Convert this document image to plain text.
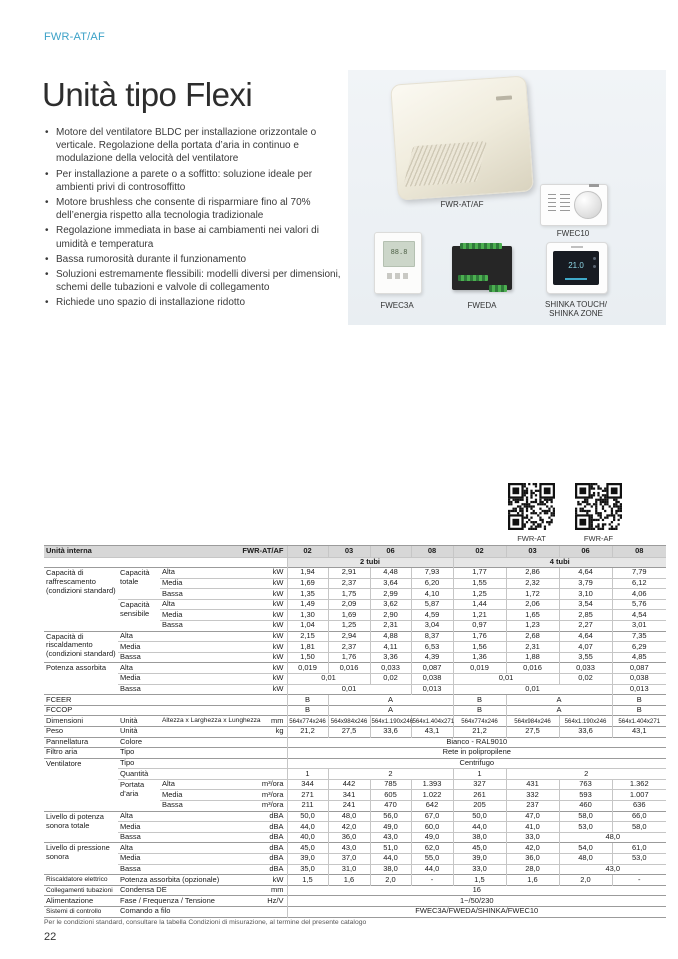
FWR-AT/AF
Unità tipo Flexi
• Motore del ventilatore BLDC per installazione orizzontale o verticale. Regolazione della portata d’aria in continuo e modulazione della velocità del ventilatore
• Per installazione a parete o a soffitto: soluzione ideale per ambienti privi di controsoffitto
• Motore brushless che consente di risparmiare fino al 70% dell’energia rispetto alla tecnologia tradizionale
• Regolazione immediata in base ai cambiamenti nei valori di umidità e temperatura
• Bassa rumorosità durante il funzionamento
• Soluzioni estremamente flessibili: modelli diversi per dimensioni, schemi delle tubazioni e valvole di collegamento
• Richiede uno spazio di installazione ridotto
FWR-AT/AF
FWEC10
88.8
FWEC3A	FWEDA
21.0
SHINKA TOUCH/
SHINKA ZONE
FWR-AT	FWR-AF
Unità interna		FWR-AT/AF		02	03	06	08	02	03	06	08
				2 tubi				4 tubi			
Capacità di raffrescamento (condizioni standard)	Capacità totale	Alta	kW	1,94	2,91	4,48	7,93	1,77	2,86	4,64	7,79
		Media	kW	1,69	2,37	3,64	6,20	1,55	2,32	3,79	6,12
		Bassa	kW	1,35	1,75	2,99	4,10	1,25	1,72	3,10	4,06
	Capacità sensibile	Alta	kW	1,49	2,09	3,62	5,87	1,44	2,06	3,54	5,76
		Media	kW	1,30	1,69	2,90	4,59	1,21	1,65	2,85	4,54
		Bassa	kW	1,04	1,25	2,31	3,04	0,97	1,23	2,27	3,01
Capacità di riscaldamento (condizioni standard)	Alta		kW	2,15	2,94	4,88	8,37	1,76	2,68	4,64	7,35
	Media		kW	1,81	2,37	4,11	6,53	1,56	2,31	4,07	6,29
	Bassa		kW	1,50	1,76	3,36	4,39	1,36	1,88	3,55	4,85
Potenza assorbita	Alta		kW	0,019	0,016	0,033	0,087	0,019	0,016	0,033	0,087
	Media		kW	0,01		0,02	0,038	0,01		0,02	0,038
	Bassa		kW	0,01			0,013	0,01			0,013
FCEER				B	A			B	A		B
FCCOP				B	A			B	A		B
Dimensioni	Unità	Altezza x Larghezza x Lunghezza	mm	564x774x246	564x984x246	564x1.190x246	564x1.404x271	564x774x246	564x984x246	564x1.190x246	564x1.404x271
Peso	Unità		kg	21,2	27,5	33,6	43,1	21,2	27,5	33,6	43,1
Pannellatura	Colore			Bianco - RAL9010							
Filtro aria	Tipo			Rete in polipropilene							
Ventilatore	Tipo			Centrifugo							
	Quantità			1	2			1	2		
	Portata d’aria	Alta	m³/ora	344	442	785	1.393	327	431	763	1.362
		Media	m³/ora	271	341	605	1.022	261	332	593	1.007
		Bassa	m³/ora	211	241	470	642	205	237	460	636
Livello di potenza sonora totale	Alta		dBA	50,0	48,0	56,0	67,0	50,0	47,0	58,0	66,0
	Media		dBA	44,0	42,0	49,0	60,0	44,0	41,0	53,0	58,0
	Bassa		dBA	40,0	36,0	43,0	49,0	38,0	33,0	48,0	
Livello di pressione sonora	Alta		dBA	45,0	43,0	51,0	62,0	45,0	42,0	54,0	61,0
	Media		dBA	39,0	37,0	44,0	55,0	39,0	36,0	48,0	53,0
	Bassa		dBA	35,0	31,0	38,0	44,0	33,0	28,0	43,0	
Riscaldatore elettrico	Potenza assorbita (opzionale)		kW	1,5	1,6	2,0	-	1,5	1,6	2,0	-
Collegamenti tubazioni	Condensa DE		mm	16							
Alimentazione	Fase / Frequenza / Tensione		Hz/V	1~/50/230							
Sistemi di controllo	Comando a filo			FWEC3A/FWEDA/SHINKA/FWEC10							
Per le condizioni standard, consultare la tabella Condizioni di misurazione, al termine del presente catalogo
22
